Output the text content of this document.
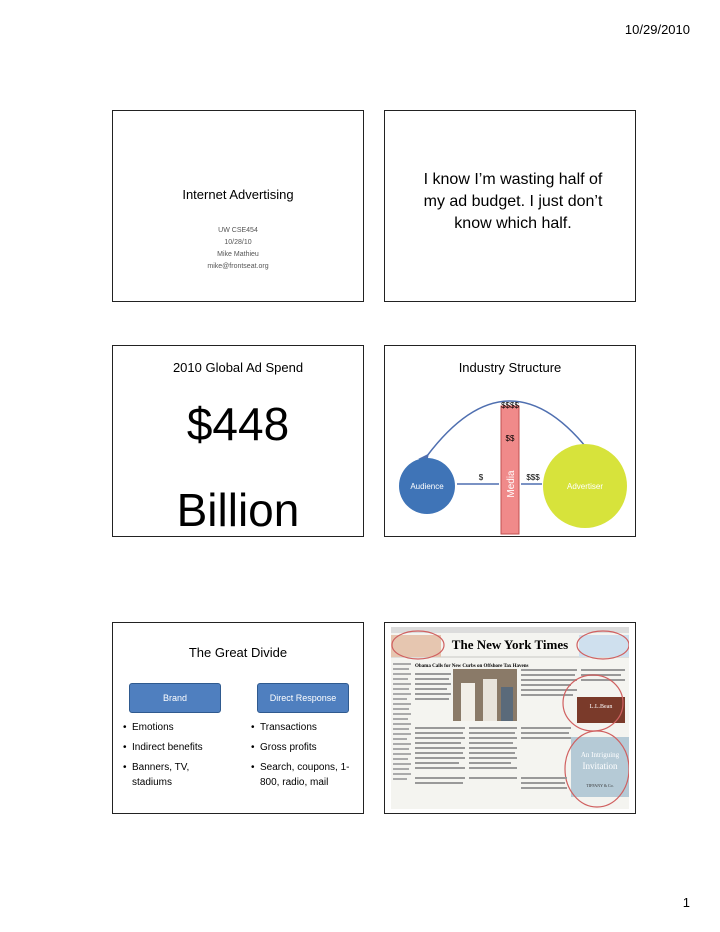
10/29/2010
Internet Advertising
UW CSE454
10/28/10
Mike Mathieu
mike@frontseat.org
I know I’m wasting half of
my ad budget. I just don’t
know which half.
2010 Global Ad Spend
$448
Billion
Industry Structure
$$$$
$$
$	$$$
Audience	Advertiser
Media
The Great Divide
Brand	Direct Response
• Emotions
• Indirect benefits
• Banners, TV, stadiums
• Transactions
• Gross profits
• Search, coupons, 1-800, radio, mail
The New York Times
Obama Calls for New Curbs on Offshore Tax Havens
L.L.Bean
An Intriguing
Invitation
TIFFANY & Co.
1
